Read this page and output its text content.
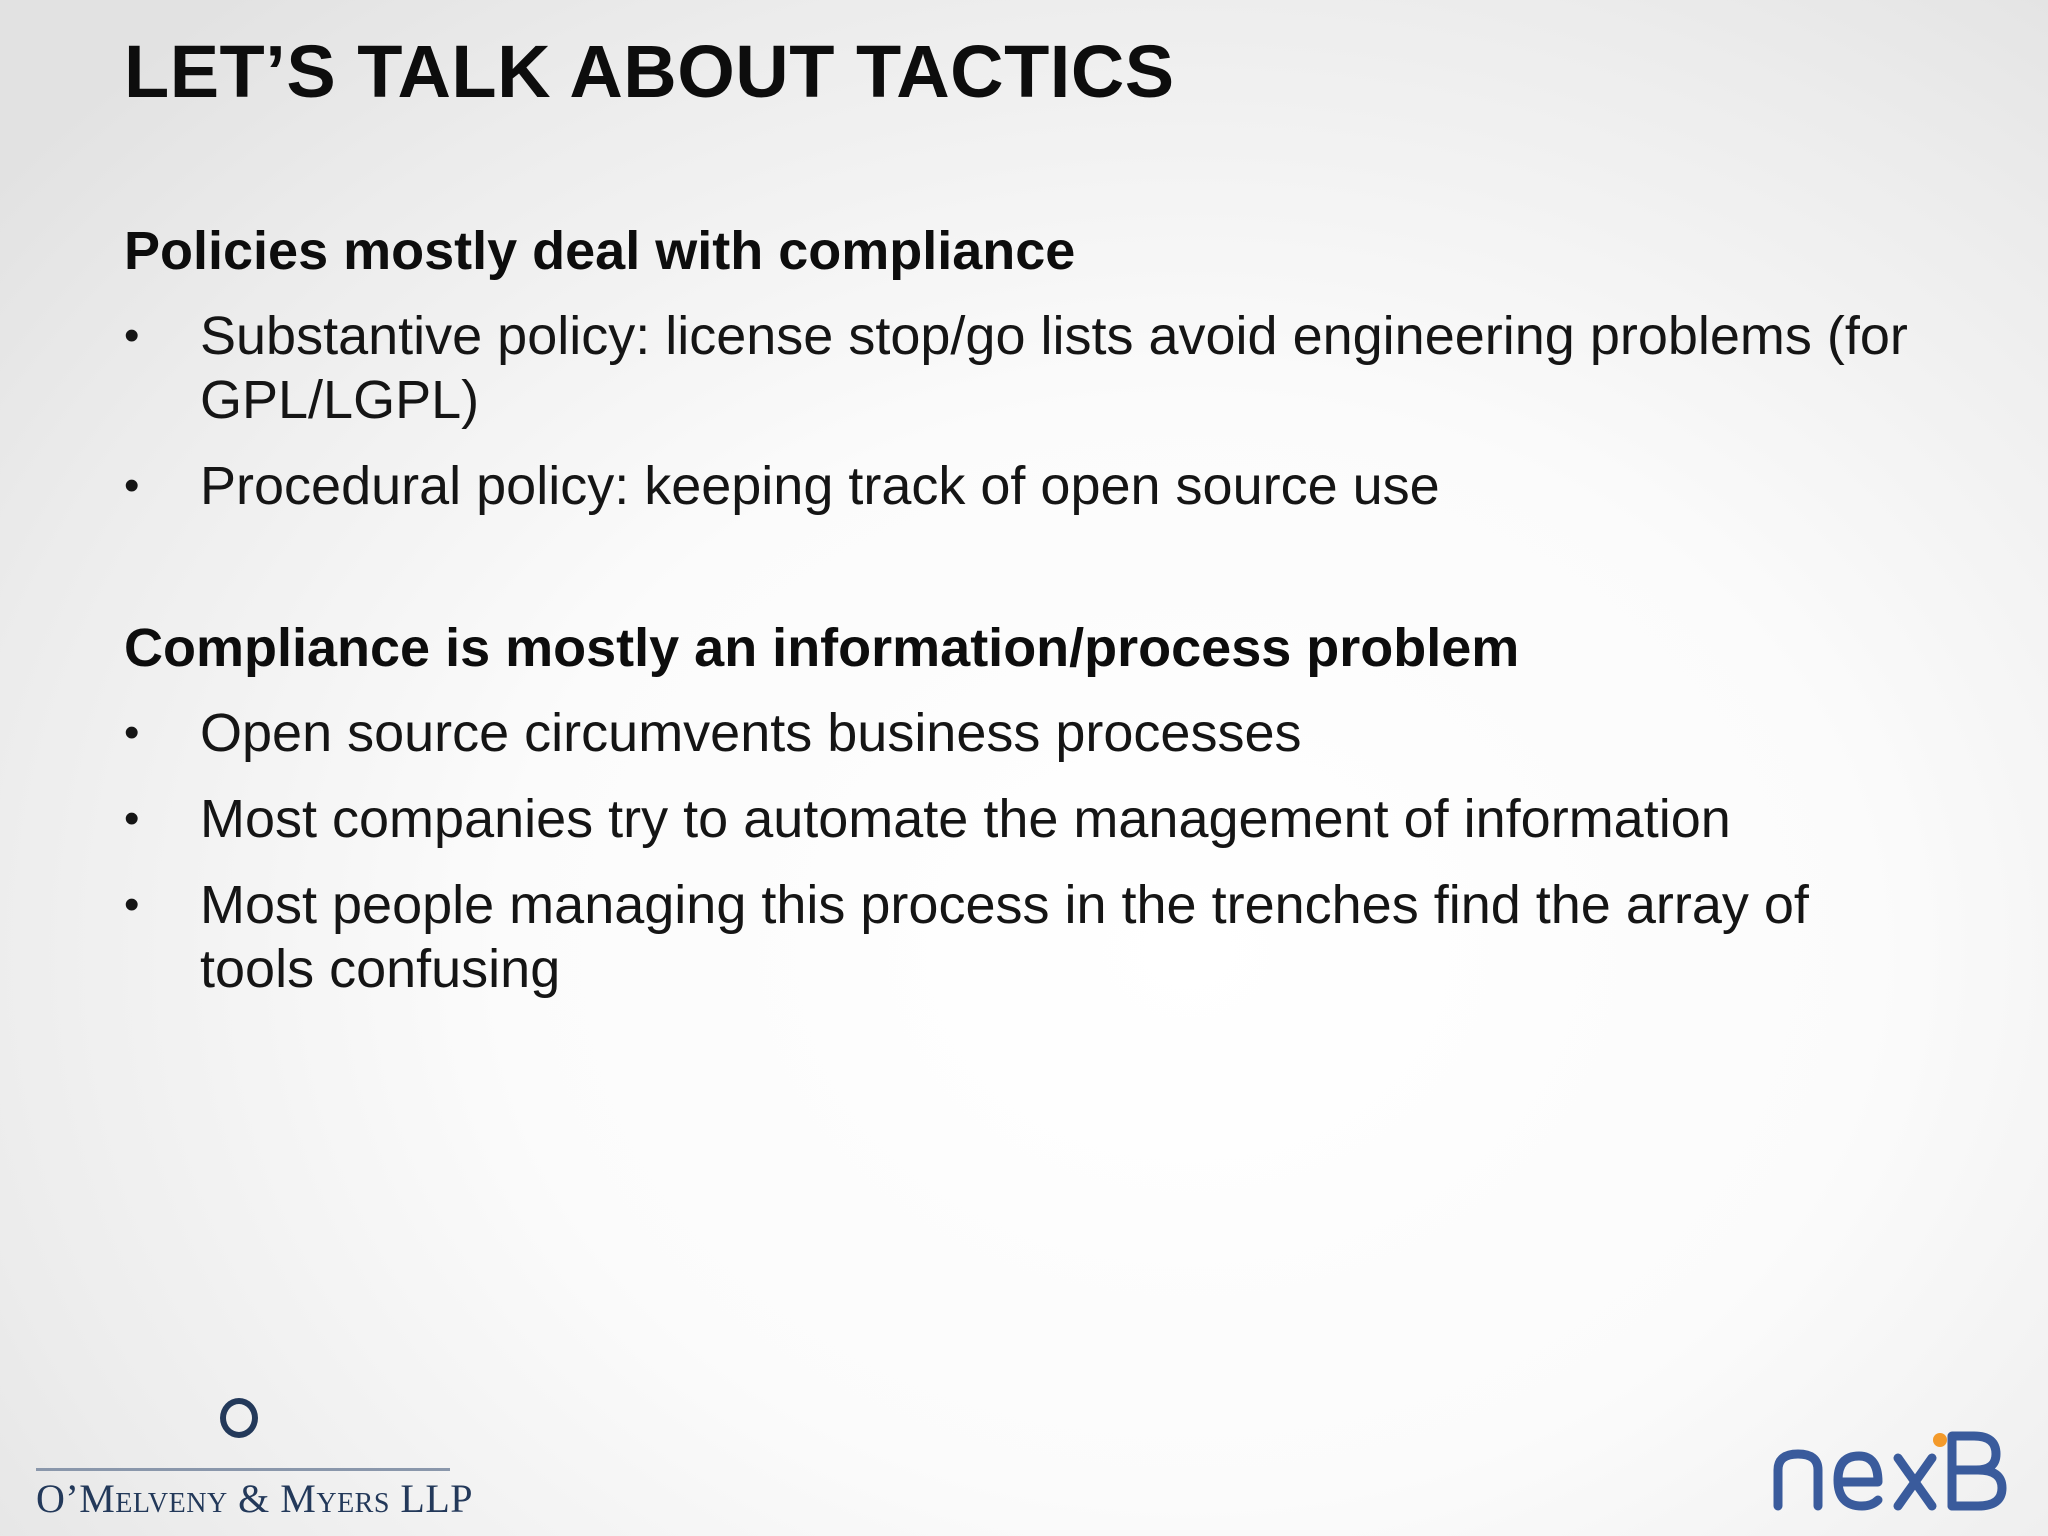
LET’S TALK ABOUT TACTICS
Policies mostly deal with compliance
•	Substantive policy: license stop/go lists avoid engineering problems (for GPL/LGPL)
•	Procedural policy: keeping track of open source use
Compliance is mostly an information/process problem
•	Open source circumvents business processes
•	Most companies try to automate the management of information
•	Most people managing this process in the trenches find the array of tools confusing
O’Melveny & Myers LLP
